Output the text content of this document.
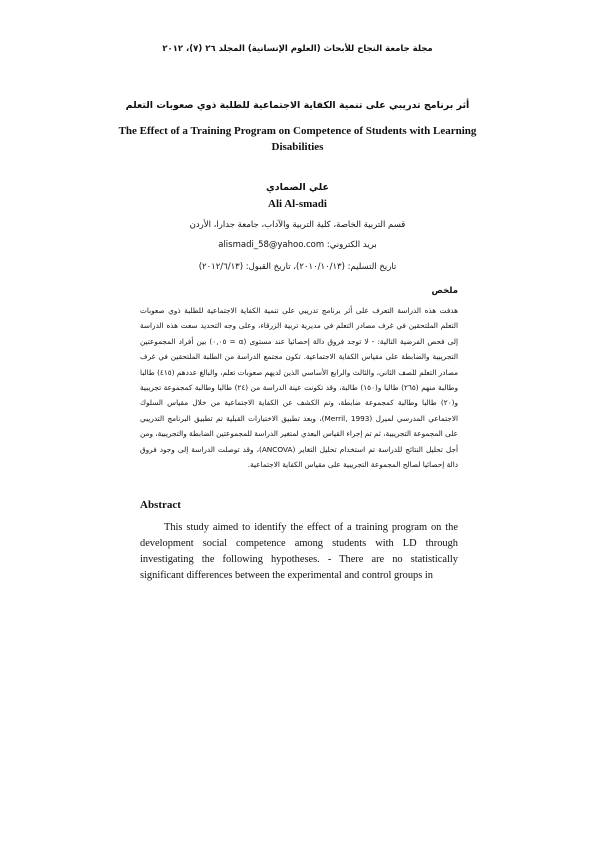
مجلة جامعة النجاح للأبحاث (العلوم الإنسانية) المجلد ٢٦ (٧)، ٢٠١٢
أثر برنامج تدريبي على تنمية الكفاية الاجتماعية للطلبة ذوي صعوبات التعلم
The Effect of a Training Program on Competence of Students with Learning Disabilities
علي الصمادي
Ali Al-smadi
قسم التربية الخاصة، كلية التربية والآداب، جامعة جدارا، الأردن
بريد الكتروني: alismadi_58@yahoo.com
تاريخ التسليم: (٢٠١٠/١٠/١٣)، تاريخ القبول: (٢٠١٢/٦/١٣)
ملخص
هدفت هذه الدراسة التعرف على أثر برنامج تدريبي على تنمية الكفاية الاجتماعية للطلبة ذوي صعوبات التعلم الملتحقين في غرف مصادر التعلم في مديرية تربية الزرقاء، وعلى وجه التحديد سعت هذه الدراسة إلى فحص الفرضية التالية: - لا توجد فروق دالة إحصائيا عند مستوى (α = ٠,٠٥) بين أفراد المجموعتين التجريبية والضابطة على مقياس الكفاية الاجتماعية. تكون مجتمع الدراسة من الطلبة الملتحقين في غرف مصادر التعلم للصف الثاني، والثالث والرابع الأساسي الذين لديهم صعوبات تعلم، والبالغ عددهم (٤١٥) طالبا وطالبة منهم (٢٦٥) طالبا و(١٥٠) طالبة، وقد تكونت عينة الدراسة من (٢٤) طالبا وطالبة كمجموعة تجريبية و(٢٠) طالبا وطالبة كمجموعة ضابطة، وتم الكشف عن الكفاية الاجتماعية من خلال مقياس السلوك الاجتماعي المدرسي لميرل (Merril, 1993)، وبعد تطبيق الاختبارات القبلية تم تطبيق البرنامج التدريبي على المجموعة التجريبية، ثم تم إجراء القياس البعدي لمتغير الدراسة للمجموعتين الضابطة والتجريبية، ومن أجل تحليل النتائج للدراسة تم استخدام تحليل التغاير (ANCOVA)، وقد توصلت الدراسة إلى وجود فروق دالة إحصائيا لصالح المجموعة التجريبية على مقياس الكفاية الاجتماعية.
Abstract
This study aimed to identify the effect of a training program on the development social competence among students with LD through investigating the following hypotheses. - There are no statistically significant differences between the experimental and control groups in
